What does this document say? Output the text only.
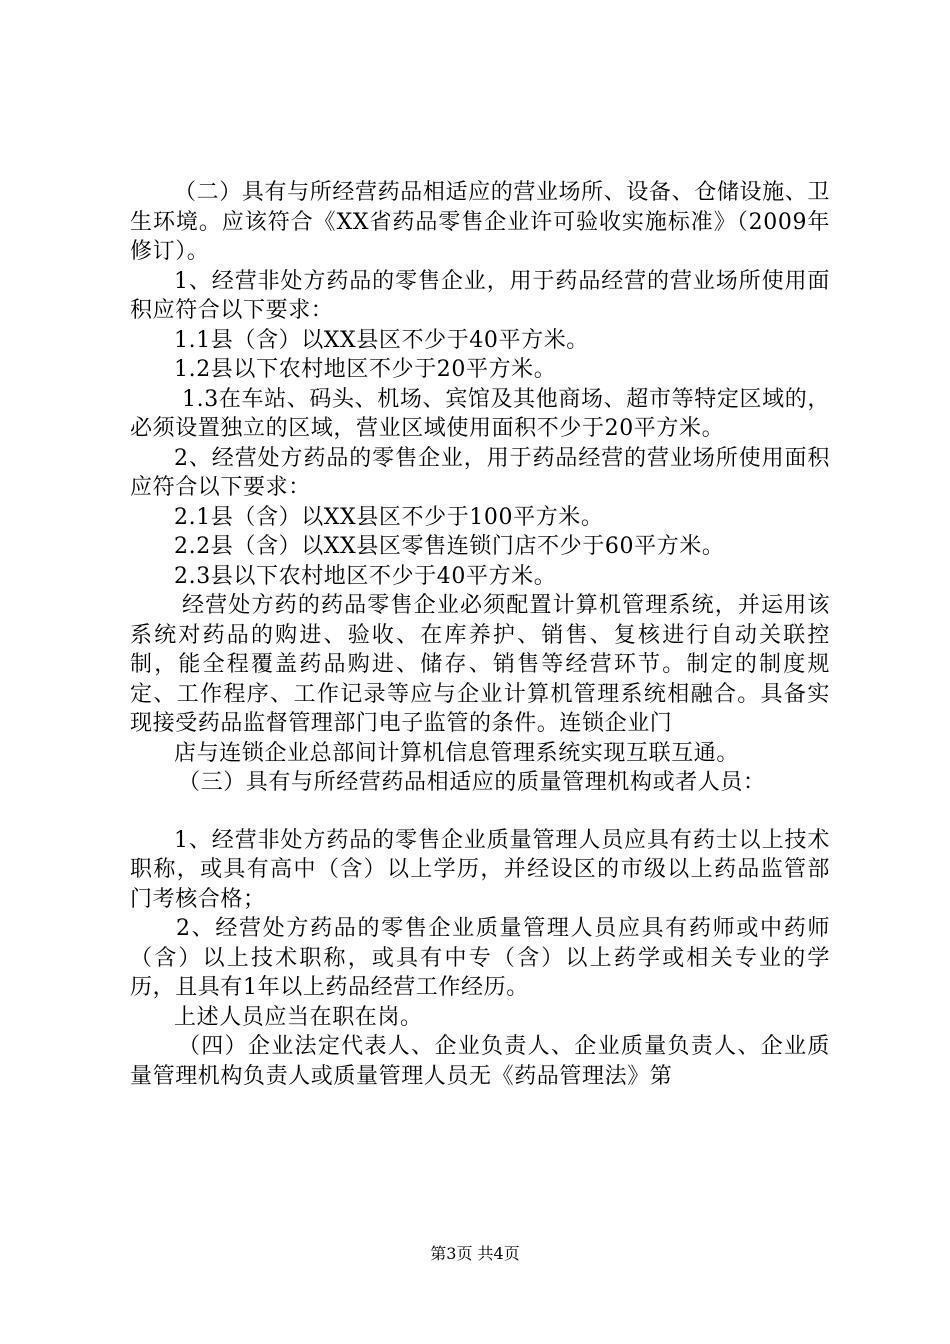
（二）具有与所经营药品相适应的营业场所、设备、仓储设施、卫生环境。应该符合《XX省药品零售企业许可验收实施标准》（2009年修订）。

1、经营非处方药品的零售企业，用于药品经营的营业场所使用面积应符合以下要求：

1.1县（含）以XX县区不少于40平方米。

1.2县以下农村地区不少于20平方米。

1.3在车站、码头、机场、宾馆及其他商场、超市等特定区域的，必须设置独立的区域，营业区域使用面积不少于20平方米。

2、经营处方药品的零售企业，用于药品经营的营业场所使用面积应符合以下要求：

2.1县（含）以XX县区不少于100平方米。

2.2县（含）以XX县区零售连锁门店不少于60平方米。

2.3县以下农村地区不少于40平方米。

经营处方药的药品零售企业必须配置计算机管理系统，并运用该系统对药品的购进、验收、在库养护、销售、复核进行自动关联控制，能全程覆盖药品购进、储存、销售等经营环节。制定的制度规定、工作程序、工作记录等应与企业计算机管理系统相融合。具备实现接受药品监督管理部门电子监管的条件。连锁企业门

店与连锁企业总部间计算机信息管理系统实现互联互通。

（三）具有与所经营药品相适应的质量管理机构或者人员：

1、经营非处方药品的零售企业质量管理人员应具有药士以上技术职称，或具有高中（含）以上学历，并经设区的市级以上药品监管部门考核合格；

2、经营处方药品的零售企业质量管理人员应具有药师或中药师（含）以上技术职称，或具有中专（含）以上药学或相关专业的学历，且具有1年以上药品经营工作经历。

上述人员应当在职在岗。

（四）企业法定代表人、企业负责人、企业质量负责人、企业质量管理机构负责人或质量管理人员无《药品管理法》第

第3页 共4页
